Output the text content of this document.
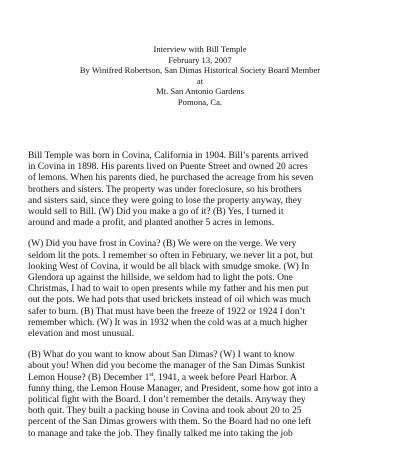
Interview with Bill Temple
February 13, 2007
By Winifred Robertson, San Dimas Historical Society Board Member
at
Mt. San Antonio Gardens
Pomona, Ca.

Bill Temple was born in Covina, California in 1904. Bill’s parents arrived
in Covina in 1898. His parents lived on Puente Street and owned 20 acres
of lemons. When his parents died, he purchased the acreage from his seven
brothers and sisters. The property was under foreclosure, so his brothers
and sisters said, since they were going to lose the property anyway, they
would sell to Bill. (W) Did you make a go of it? (B) Yes, I turned it
around and made a profit, and planted another 5 acres in lemons.

(W) Did you have frost in Covina? (B) We were on the verge. We very
seldom lit the pots. I remember so often in February, we never lit a pot, but
looking West of Covina, it would be all black with smudge smoke. (W) In
Glendora up against the hillside, we seldom had to light the pots. One
Christmas, I had to wait to open presents while my father and his men put
out the pots. We had pots that used brickets instead of oil which was much
safer to burn. (B) That must have been the freeze of 1922 or 1924 I don’t
remember which. (W) It was in 1932 when the cold was at a much higher
elevation and most unusual.

(B) What do you want to know about San Dimas? (W) I want to know
about you! When did you become the manager of the San Dimas Sunkist
Lemon House? (B) December 1st, 1941, a week before Pearl Harbor. A
funny thing, the Lemon House Manager, and President, some how got into a
political fight with the Board. I don’t remember the details. Anyway they
both quit. They built a packing house in Covina and took about 20 to 25
percent of the San Dimas growers with them. So the Board had no one left
to manage and take the job. They finally talked me into taking the job
